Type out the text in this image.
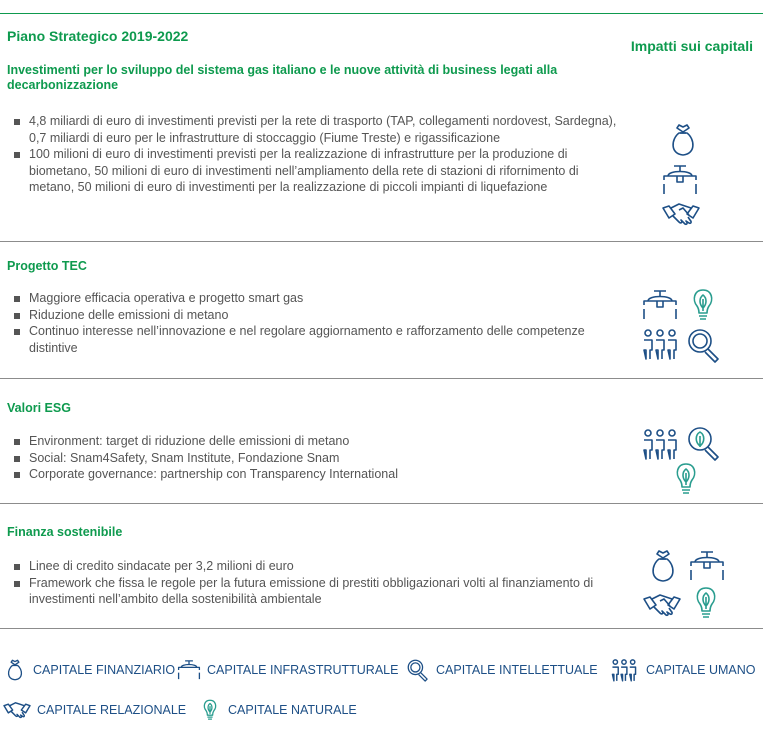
Piano Strategico 2019-2022
Impatti sui capitali
Investimenti per lo sviluppo del sistema gas italiano e le nuove attività di business legati alla decarbonizzazione
4,8 miliardi di euro di investimenti previsti per la rete di trasporto (TAP, collegamenti nordovest, Sardegna), 0,7 miliardi di euro per le infrastrutture di stoccaggio (Fiume Treste) e rigassificazione
100 milioni di euro di investimenti previsti per la realizzazione di infrastrutture per la produzione di biometano, 50 milioni di euro di investimenti nell’ampliamento della rete di stazioni di rifornimento di metano, 50 milioni di euro di investimenti per la realizzazione di piccoli impianti di liquefazione
Progetto TEC
Maggiore efficacia operativa e progetto smart gas
Riduzione delle emissioni di metano
Continuo interesse nell’innovazione e nel regolare aggiornamento e rafforzamento delle competenze distintive
Valori ESG
Environment: target di riduzione delle emissioni di metano
Social: Snam4Safety, Snam Institute, Fondazione Snam
Corporate governance: partnership con Transparency International
Finanza sostenibile
Linee di credito sindacate per 3,2 milioni di euro
Framework che fissa le regole per la futura emissione di prestiti obbligazionari volti al finanziamento di investimenti nell’ambito della sostenibilità ambientale
CAPITALE FINANZIARIO	CAPITALE INFRASTRUTTURALE	CAPITALE INTELLETTUALE	CAPITALE UMANO
CAPITALE RELAZIONALE	CAPITALE NATURALE
